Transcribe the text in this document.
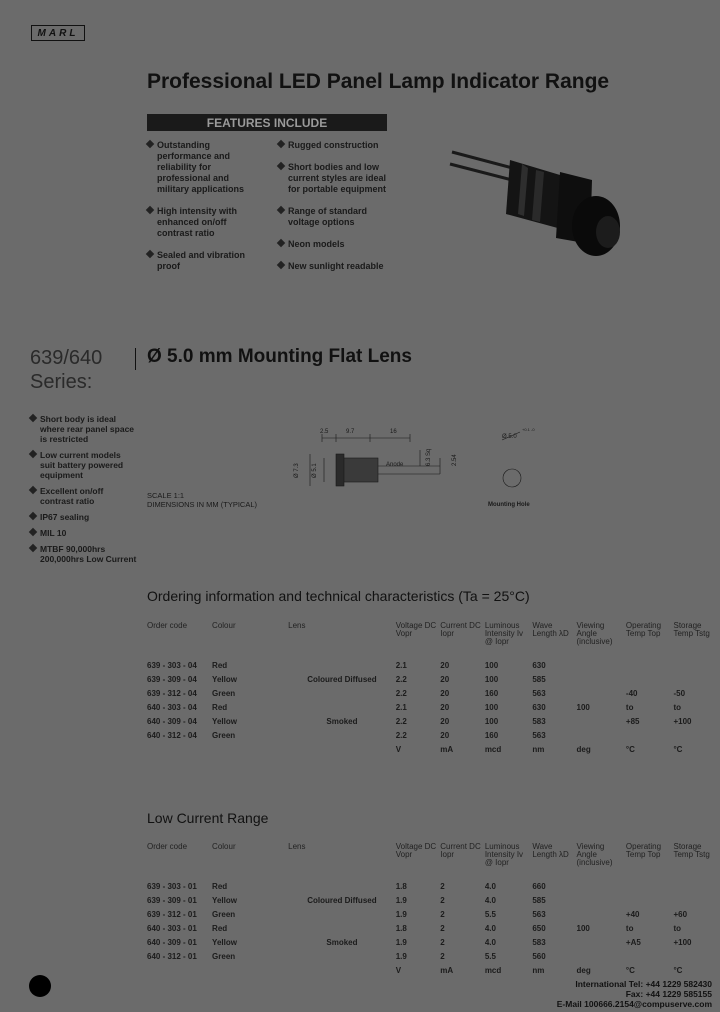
MARL
Professional LED Panel Lamp Indicator Range
FEATURES INCLUDE
Outstanding performance and reliability for professional and military applications
High intensity with enhanced on/off contrast ratio
Sealed and vibration proof
Rugged construction
Short bodies and low current styles are ideal for portable equipment
Range of standard voltage options
Neon models
New sunlight readable
639/640
Series:
Ø 5.0 mm Mounting Flat Lens
Short body is ideal where rear panel space is restricted
Low current models suit battery powered equipment
Excellent on/off contrast ratio
IP67 sealing
MIL 10
MTBF 90,000hrs 200,000hrs Low Current
2.5	9.7	16
Ø 7.3 Ø 5.1
6.3 Sq	2.54
Anode
Ø 5.0
+0.1 -0
Mounting Hole
SCALE 1:1
DIMENSIONS IN MM (TYPICAL)
Ordering information and technical characteristics (Ta = 25°C)
Order code	Colour	Lens	Voltage DC Vopr	Current DC Iopr	Luminous Intensity Iv @ Iopr	Wave Length λD	Viewing Angle (inclusive)	Operating Temp Top	Storage Temp Tstg
639 - 303 - 04	Red		2.1	20	100	630			
639 - 309 - 04	Yellow	Coloured Diffused	2.2	20	100	585			
639 - 312 - 04	Green		2.2	20	160	563		-40	-50
640 - 303 - 04	Red		2.1	20	100	630	100	to	to
640 - 309 - 04	Yellow	Smoked	2.2	20	100	583		+85	+100
640 - 312 - 04	Green		2.2	20	160	563			
			V	mA	mcd	nm	deg	°C	°C
Low Current Range
Order code	Colour	Lens	Voltage DC Vopr	Current DC Iopr	Luminous Intensity Iv @ Iopr	Wave Length λD	Viewing Angle (inclusive)	Operating Temp Top	Storage Temp Tstg
639 - 303 - 01	Red		1.8	2	4.0	660			
639 - 309 - 01	Yellow	Coloured Diffused	1.9	2	4.0	585			
639 - 312 - 01	Green		1.9	2	5.5	563		+40	+60
640 - 303 - 01	Red		1.8	2	4.0	650	100	to	to
640 - 309 - 01	Yellow	Smoked	1.9	2	4.0	583		+A5	+100
640 - 312 - 01	Green		1.9	2	5.5	560			
			V	mA	mcd	nm	deg	°C	°C
International Tel: +44 1229 582430
Fax: +44 1229 585155
E-Mail 100666.2154@compuserve.com
